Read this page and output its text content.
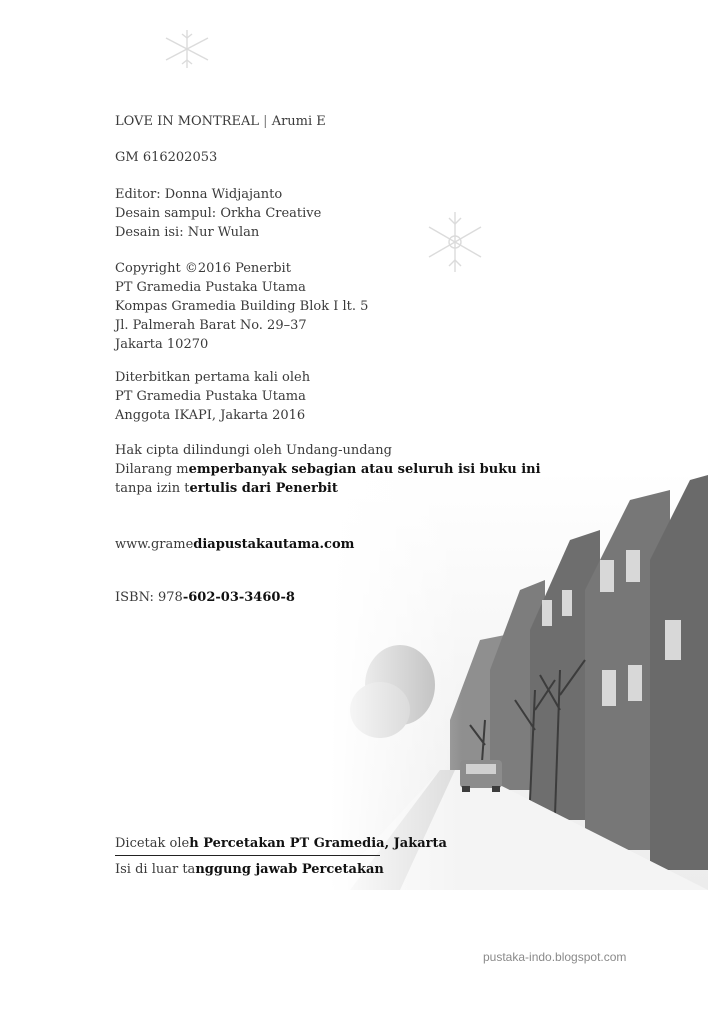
LOVE IN MONTREAL | Arumi E
GM 616202053
Editor: Donna Widjajanto
Desain sampul: Orkha Creative
Desain isi: Nur Wulan
Copyright ©2016 Penerbit
PT Gramedia Pustaka Utama
Kompas Gramedia Building Blok I lt. 5
Jl. Palmerah Barat No. 29–37
Jakarta 10270
Diterbitkan pertama kali oleh
PT Gramedia Pustaka Utama
Anggota IKAPI, Jakarta 2016
Hak cipta dilindungi oleh Undang-undang
Dilarang memperbanyak sebagian atau seluruh isi buku ini
tanpa izin tertulis dari Penerbit
www.gramediapustakautama.com
ISBN: 978-602-03-3460-8
Dicetak oleh Percetakan PT Gramedia, Jakarta
Isi di luar tanggung jawab Percetakan
pustaka-indo.blogspot.com
